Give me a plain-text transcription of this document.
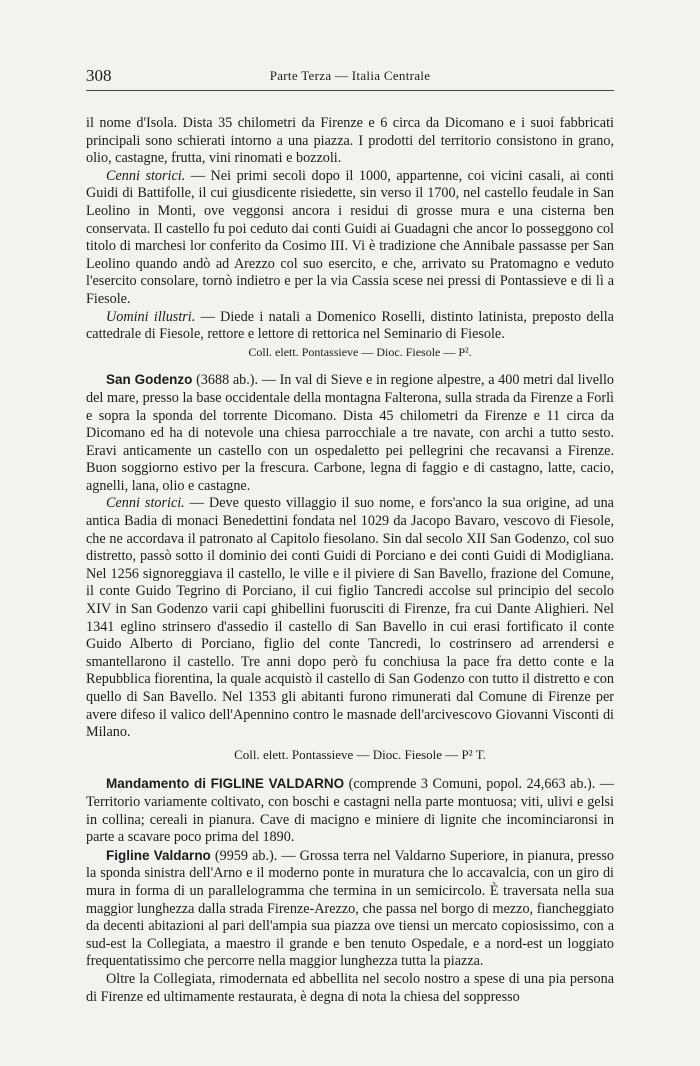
308	Parte Terza — Italia Centrale

il nome d'Isola. Dista 35 chilometri da Firenze e 6 circa da Dicomano e i suoi fabbricati principali sono schierati intorno a una piazza. I prodotti del territorio consistono in grano, olio, castagne, frutta, vini rinomati e bozzoli.

Cenni storici. — Nei primi secoli dopo il 1000, appartenne, coi vicini casali, ai conti Guidi di Battifolle, il cui giusdicente risiedette, sin verso il 1700, nel castello feudale in San Leolino in Monti, ove veggonsi ancora i residui di grosse mura e una cisterna ben conservata. Il castello fu poi ceduto dai conti Guidi ai Guadagni che ancor lo posseggono col titolo di marchesi lor conferito da Cosimo III. Vi è tradizione che Annibale passasse per San Leolino quando andò ad Arezzo col suo esercito, e che, arrivato su Pratomagno e veduto l'esercito consolare, tornò indietro e per la via Cassia scese nei pressi di Pontassieve e di lì a Fiesole.

Uomini illustri. — Diede i natali a Domenico Roselli, distinto latinista, preposto della cattedrale di Fiesole, rettore e lettore di rettorica nel Seminario di Fiesole.

Coll. elett. Pontassieve — Dioc. Fiesole — P².

San Godenzo (3688 ab.). — In val di Sieve e in regione alpestre, a 400 metri dal livello del mare, presso la base occidentale della montagna Falterona, sulla strada da Firenze a Forlì e sopra la sponda del torrente Dicomano. Dista 45 chilometri da Firenze e 11 circa da Dicomano ed ha di notevole una chiesa parrocchiale a tre navate, con archi a tutto sesto. Eravi anticamente un castello con un ospedaletto pei pellegrini che recavansi a Firenze. Buon soggiorno estivo per la frescura. Carbone, legna di faggio e di castagno, latte, cacio, agnelli, lana, olio e castagne.

Cenni storici. — Deve questo villaggio il suo nome, e fors'anco la sua origine, ad una antica Badia di monaci Benedettini fondata nel 1029 da Jacopo Bavaro, vescovo di Fiesole, che ne accordava il patronato al Capitolo fiesolano. Sin dal secolo XII San Godenzo, col suo distretto, passò sotto il dominio dei conti Guidi di Porciano e dei conti Guidi di Modigliana. Nel 1256 signoreggiava il castello, le ville e il piviere di San Bavello, frazione del Comune, il conte Guido Tegrino di Porciano, il cui figlio Tancredi accolse sul principio del secolo XIV in San Godenzo varii capi ghibellini fuorusciti di Firenze, fra cui Dante Alighieri. Nel 1341 eglino strinsero d'assedio il castello di San Bavello in cui erasi fortificato il conte Guido Alberto di Porciano, figlio del conte Tancredi, lo costrinsero ad arrendersi e smantellarono il castello. Tre anni dopo però fu conchiusa la pace fra detto conte e la Repubblica fiorentina, la quale acquistò il castello di San Godenzo con tutto il distretto e con quello di San Bavello. Nel 1353 gli abitanti furono rimunerati dal Comune di Firenze per avere difeso il valico dell'Apennino contro le masnade dell'arcivescovo Giovanni Visconti di Milano.

Coll. elett. Pontassieve — Dioc. Fiesole — P² T.

Mandamento di FIGLINE VALDARNO (comprende 3 Comuni, popol. 24,663 ab.). — Territorio variamente coltivato, con boschi e castagni nella parte montuosa; viti, ulivi e gelsi in collina; cereali in pianura. Cave di macigno e miniere di lignite che incominciaronsi in parte a scavare poco prima del 1890.

Figline Valdarno (9959 ab.). — Grossa terra nel Valdarno Superiore, in pianura, presso la sponda sinistra dell'Arno e il moderno ponte in muratura che lo accavalcia, con un giro di mura in forma di un parallelogramma che termina in un semicircolo. È traversata nella sua maggior lunghezza dalla strada Firenze-Arezzo, che passa nel borgo di mezzo, fiancheggiato da decenti abitazioni al pari dell'ampia sua piazza ove tiensi un mercato copiosissimo, con a sud-est la Collegiata, a maestro il grande e ben tenuto Ospedale, e a nord-est un loggiato frequentatissimo che percorre nella maggior lunghezza tutta la piazza.

Oltre la Collegiata, rimodernata ed abbellita nel secolo nostro a spese di una pia persona di Firenze ed ultimamente restaurata, è degna di nota la chiesa del soppresso
